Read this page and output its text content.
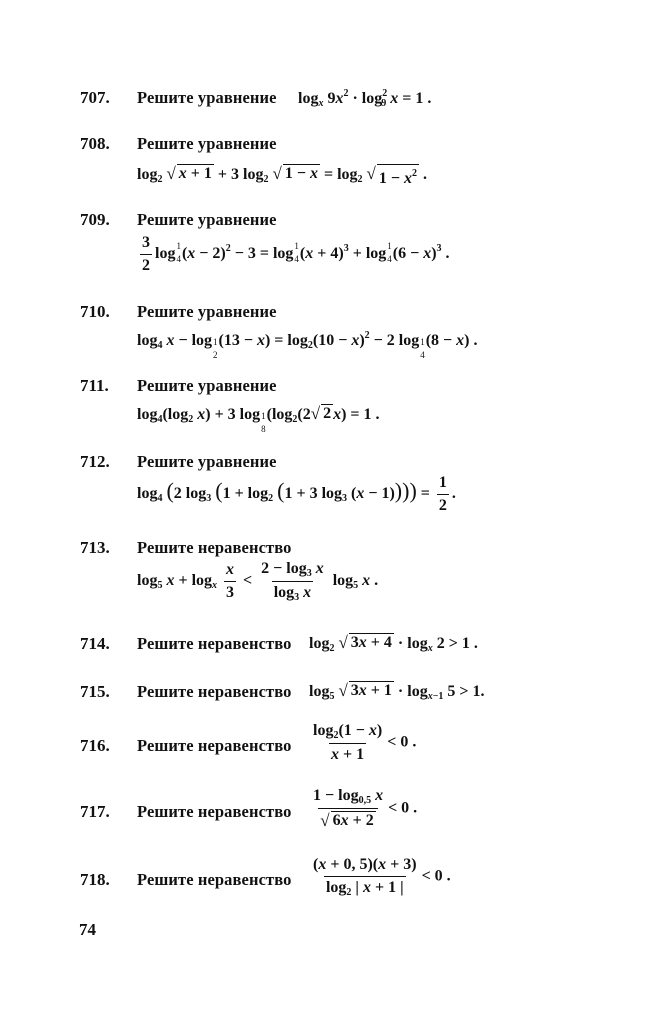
707. Решите уравнение $\log_x 9x^2 \cdot \log^2_9 x = 1$ .
708. Решите уравнение
$\log_2$ √ x + 1 + 3 $\log_2$ √ $1 - x = \log_2$ √ $1 - x^2$ .
709. Решите уравнение
$\frac{3}{2}$ log 1
4 $(x - 2)^2 - 3 = \log 1$
4 $(x + 4)^3 + \log 1$
4 $(6 - x)^3$ .
710. Решите уравнение
$\log_4 x - \log 1$
2
$(13 - x) = \log_2(10 - x)^2 - 2$ log 1
4
(8 − x) .
711. Решите уравнение
$\log_4(\log_2$ x) + 3 log 1
8
($\log_2(2$ √ 2 x) = 1 .
712. Решите уравнение
$\log_4 (2$ $\log_3 (1 + \log_2 (1 + 3$ $\log_3 (x - 1)))) = \frac{1}{2}$ .
713. Решите неравенство
$\log_5 x + \log_x \frac{x}{3} < \frac{2 - \log_3 x}{\log_3 x} \log_5 x$ .
714. Решите неравенство $\log_2$ √ $3x + 4 \cdot \log_x 2 > 1$ .
715. Решите неравенство $\log_5$ √ $3x + 1 \cdot \log_{x-1} 5 > 1$.
716. Решите неравенство $\frac{\log_2(1 - x)}{x + 1} < 0$ .
717. Решите неравенство $\frac{1 - \log_{0,5} x}{√ 6x + 2} < 0$ .
718. Решите неравенство $\frac{(x + 0, 5)(x + 3)}{\log_2 | x + 1 |} < 0$ .
74
